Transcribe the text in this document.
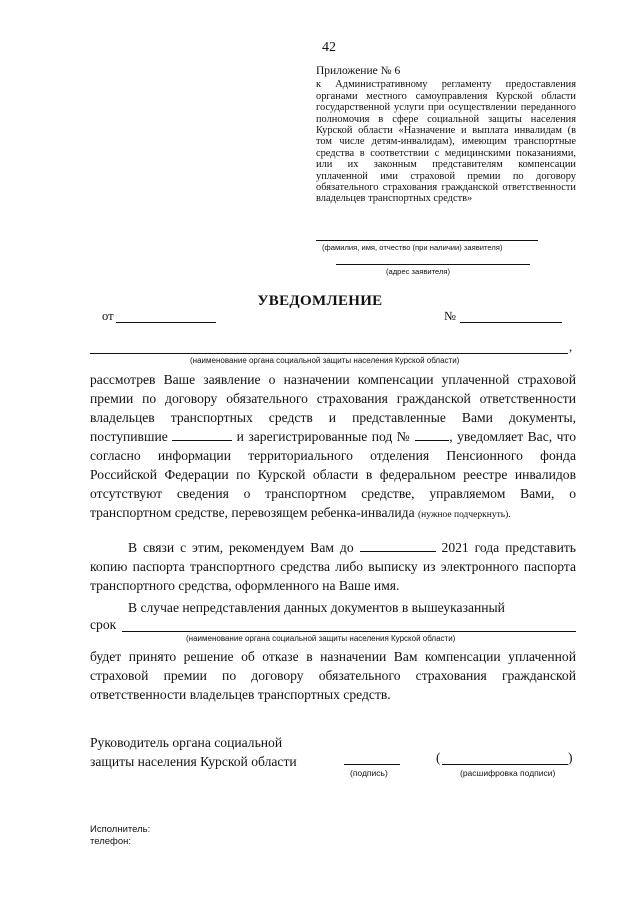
42
Приложение № 6
к Административному регламенту предоставления органами местного самоуправления Курской области государственной услуги при осуществлении переданного полномочия в сфере социальной защиты населения Курской области «Назначение и выплата инвалидам (в том числе детям-инвалидам), имеющим транспортные средства в соответствии с медицинскими показаниями, или их законным представителям компенсации уплаченной ими страховой премии по договору обязательного страхования гражданской ответственности владельцев транспортных средств»
(фамилия, имя, отчество (при наличии) заявителя)
(адрес заявителя)
УВЕДОМЛЕНИЕ
от	№
,
(наименование органа социальной защиты населения Курской области)

рассмотрев Ваше заявление о назначении компенсации уплаченной страховой премии по договору обязательного страхования гражданской ответственности владельцев транспортных средств и представленные Вами документы, поступившие	и зарегистрированные под №	, уведомляет Вас, что согласно информации территориального отделения Пенсионного фонда Российской Федерации по Курской области в федеральном реестре инвалидов отсутствуют сведения о транспортном средстве, управляемом Вами, о транспортном средстве, перевозящем ребенка-инвалида (нужное подчеркнуть).

В связи с этим, рекомендуем Вам до	2021 года представить копию паспорта транспортного средства либо выписку из электронного паспорта транспортного средства, оформленного на Ваше имя.

В случае непредставления данных документов в вышеуказанный

срок
(наименование органа социальной защиты населения Курской области)
будет принято решение об отказе в назначении Вам компенсации уплаченной страховой премии по договору обязательного страхования гражданской ответственности владельцев транспортных средств.
Руководитель органа социальной
защиты населения Курской области
(подпись)
(	)
(расшифровка подписи)
Исполнитель:
телефон:
